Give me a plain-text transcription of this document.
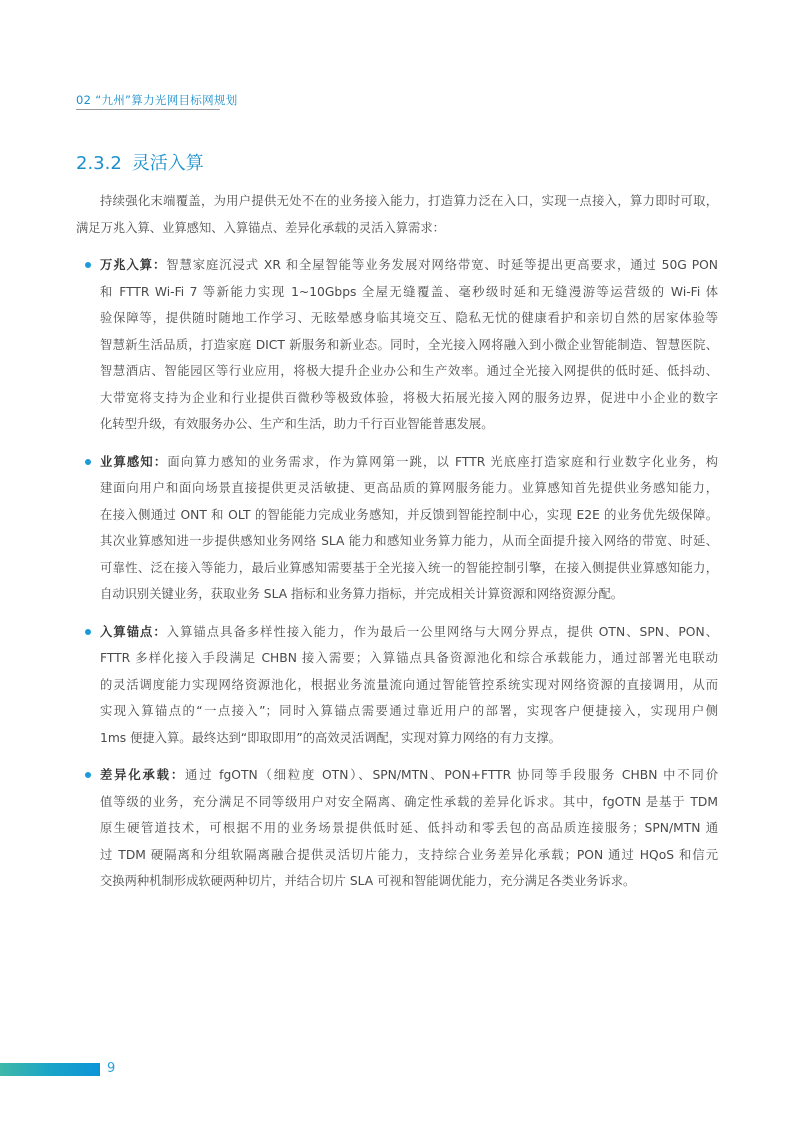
02 “九州”算力光网目标网规划
2.3.2 灵活入算
持续强化末端覆盖，为用户提供无处不在的业务接入能力，打造算力泛在入口，实现一点接入，算力即时可取，
满足万兆入算、业算感知、入算锚点、差异化承载的灵活入算需求：
万兆入算：智慧家庭沉浸式 XR 和全屋智能等业务发展对网络带宽、时延等提出更高要求，通过 50G PON
和 FTTR Wi-Fi 7 等新能力实现 1~10Gbps 全屋无缝覆盖、毫秒级时延和无缝漫游等运营级的 Wi-Fi 体
验保障等，提供随时随地工作学习、无眩晕感身临其境交互、隐私无忧的健康看护和亲切自然的居家体验等
智慧新生活品质，打造家庭 DICT 新服务和新业态。同时，全光接入网将融入到小微企业智能制造、智慧医院、
智慧酒店、智能园区等行业应用，将极大提升企业办公和生产效率。通过全光接入网提供的低时延、低抖动、
大带宽将支持为企业和行业提供百微秒等极致体验，将极大拓展光接入网的服务边界，促进中小企业的数字
化转型升级，有效服务办公、生产和生活，助力千行百业智能普惠发展。
业算感知：面向算力感知的业务需求，作为算网第一跳，以 FTTR 光底座打造家庭和行业数字化业务，构
建面向用户和面向场景直接提供更灵活敏捷、更高品质的算网服务能力。业算感知首先提供业务感知能力，
在接入侧通过 ONT 和 OLT 的智能能力完成业务感知，并反馈到智能控制中心，实现 E2E 的业务优先级保障。
其次业算感知进一步提供感知业务网络 SLA 能力和感知业务算力能力，从而全面提升接入网络的带宽、时延、
可靠性、泛在接入等能力，最后业算感知需要基于全光接入统一的智能控制引擎，在接入侧提供业算感知能力，
自动识别关键业务，获取业务 SLA 指标和业务算力指标，并完成相关计算资源和网络资源分配。
入算锚点：入算锚点具备多样性接入能力，作为最后一公里网络与大网分界点，提供 OTN、SPN、PON、
FTTR 多样化接入手段满足 CHBN 接入需要；入算锚点具备资源池化和综合承载能力，通过部署光电联动
的灵活调度能力实现网络资源池化，根据业务流量流向通过智能管控系统实现对网络资源的直接调用，从而
实现入算锚点的“一点接入”；同时入算锚点需要通过靠近用户的部署，实现客户便捷接入，实现用户侧
1ms 便捷入算。最终达到“即取即用”的高效灵活调配，实现对算力网络的有力支撑。
差异化承载：通过 fgOTN（细粒度 OTN）、SPN/MTN、PON+FTTR 协同等手段服务 CHBN 中不同价
值等级的业务，充分满足不同等级用户对安全隔离、确定性承载的差异化诉求。其中，fgOTN 是基于 TDM
原生硬管道技术，可根据不用的业务场景提供低时延、低抖动和零丢包的高品质连接服务；SPN/MTN 通
过 TDM 硬隔离和分组软隔离融合提供灵活切片能力，支持综合业务差异化承载；PON 通过 HQoS 和信元
交换两种机制形成软硬两种切片，并结合切片 SLA 可视和智能调优能力，充分满足各类业务诉求。
9
